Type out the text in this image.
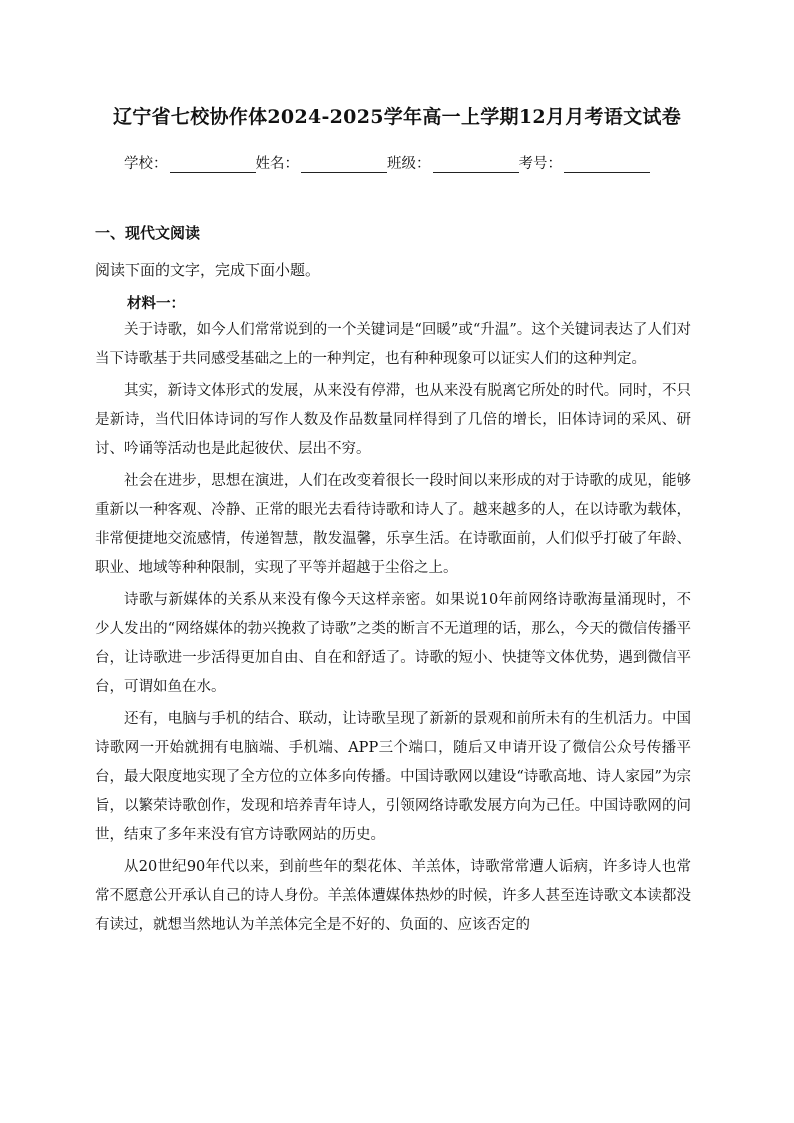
辽宁省七校协作体2024-2025学年高一上学期12月月考语文试卷
学校：	姓名：	班级：	考号：
一、现代文阅读
阅读下面的文字，完成下面小题。
材料一：

关于诗歌，如今人们常常说到的一个关键词是“回暖”或“升温”。这个关键词表达了人们对当下诗歌基于共同感受基础之上的一种判定，也有种种现象可以证实人们的这种判定。

其实，新诗文体形式的发展，从来没有停滞，也从来没有脱离它所处的时代。同时，不只是新诗，当代旧体诗词的写作人数及作品数量同样得到了几倍的增长，旧体诗词的采风、研讨、吟诵等活动也是此起彼伏、层出不穷。

社会在进步，思想在演进，人们在改变着很长一段时间以来形成的对于诗歌的成见，能够重新以一种客观、冷静、正常的眼光去看待诗歌和诗人了。越来越多的人，在以诗歌为载体，非常便捷地交流感情，传递智慧，散发温馨，乐享生活。在诗歌面前，人们似乎打破了年龄、职业、地域等种种限制，实现了平等并超越于尘俗之上。

诗歌与新媒体的关系从来没有像今天这样亲密。如果说10年前网络诗歌海量涌现时，不少人发出的“网络媒体的勃兴挽救了诗歌”之类的断言不无道理的话，那么，今天的微信传播平台，让诗歌进一步活得更加自由、自在和舒适了。诗歌的短小、快捷等文体优势，遇到微信平台，可谓如鱼在水。

还有，电脑与手机的结合、联动，让诗歌呈现了新新的景观和前所未有的生机活力。中国诗歌网一开始就拥有电脑端、手机端、APP三个端口，随后又申请开设了微信公众号传播平台，最大限度地实现了全方位的立体多向传播。中国诗歌网以建设“诗歌高地、诗人家园”为宗旨，以繁荣诗歌创作，发现和培养青年诗人，引领网络诗歌发展方向为己任。中国诗歌网的问世，结束了多年来没有官方诗歌网站的历史。

从20世纪90年代以来，到前些年的梨花体、羊羔体，诗歌常常遭人诟病，许多诗人也常常不愿意公开承认自己的诗人身份。羊羔体遭媒体热炒的时候，许多人甚至连诗歌文本读都没有读过，就想当然地认为羊羔体完全是不好的、负面的、应该否定的
